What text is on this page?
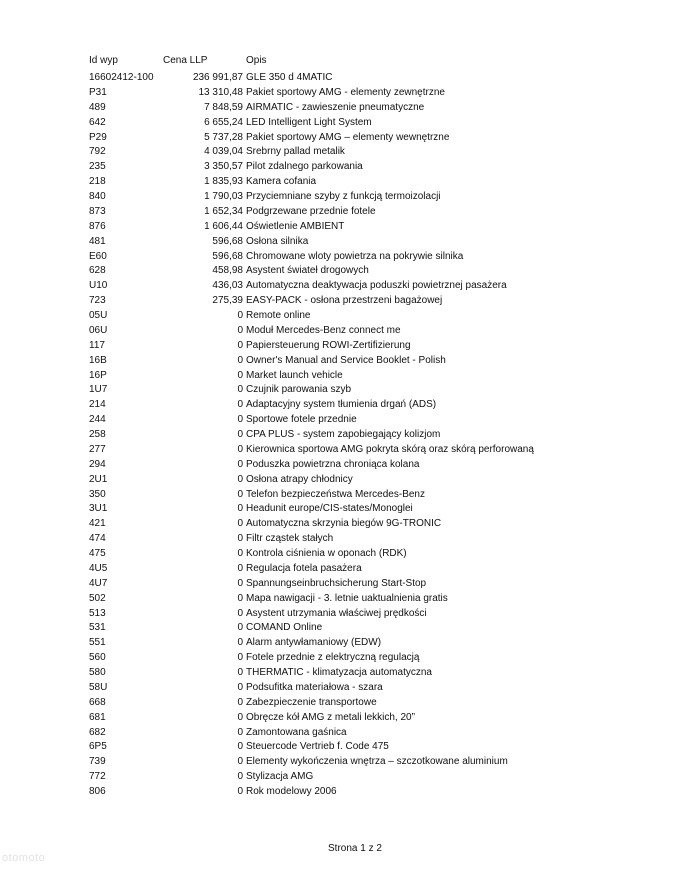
Id wyp	Cena LLP	Opis
16602412-100	236 991,87 GLE 350 d 4MATIC
P31	13 310,48 Pakiet sportowy AMG - elementy zewnętrzne
489	7 848,59 AIRMATIC - zawieszenie pneumatyczne
642	6 655,24 LED Intelligent Light System
P29	5 737,28 Pakiet sportowy AMG – elementy wewnętrzne
792	4 039,04 Srebrny pallad metalik
235	3 350,57 Pilot zdalnego parkowania
218	1 835,93 Kamera cofania
840	1 790,03 Przyciemniane szyby z funkcją termoizolacji
873	1 652,34 Podgrzewane przednie fotele
876	1 606,44 Oświetlenie AMBIENT
481	596,68 Osłona silnika
E60	596,68 Chromowane wloty powietrza na pokrywie silnika
628	458,98 Asystent świateł drogowych
U10	436,03 Automatyczna deaktywacja poduszki powietrznej pasażera
723	275,39 EASY-PACK - osłona przestrzeni bagażowej
05U	0 Remote online
06U	0 Moduł Mercedes-Benz connect me
117	0 Papiersteuerung ROWI-Zertifizierung
16B	0 Owner's Manual and Service Booklet - Polish
16P	0 Market launch vehicle
1U7	0 Czujnik parowania szyb
214	0 Adaptacyjny system tłumienia drgań (ADS)
244	0 Sportowe fotele przednie
258	0 CPA PLUS - system zapobiegający kolizjom
277	0 Kierownica sportowa AMG pokryta skórą oraz skórą perforowaną
294	0 Poduszka powietrzna chroniąca kolana
2U1	0 Osłona atrapy chłodnicy
350	0 Telefon bezpieczeństwa Mercedes-Benz
3U1	0 Headunit europe/CIS-states/Monoglei
421	0 Automatyczna skrzynia biegów 9G-TRONIC
474	0 Filtr cząstek stałych
475	0 Kontrola ciśnienia w oponach (RDK)
4U5	0 Regulacja fotela pasażera
4U7	0 Spannungseinbruchsicherung Start-Stop
502	0 Mapa nawigacji - 3. letnie uaktualnienia gratis
513	0 Asystent utrzymania właściwej prędkości
531	0 COMAND Online
551	0 Alarm antywłamaniowy (EDW)
560	0 Fotele przednie z elektryczną regulacją
580	0 THERMATIC - klimatyzacja automatyczna
58U	0 Podsufitka materiałowa - szara
668	0 Zabezpieczenie transportowe
681	0 Obręcze kół AMG z metali lekkich, 20”
682	0 Zamontowana gaśnica
6P5	0 Steuercode Vertrieb f. Code 475
739	0 Elementy wykończenia wnętrza – szczotkowane aluminium
772	0 Stylizacja AMG
806	0 Rok modelowy 2006
Strona 1 z 2
otomoto
